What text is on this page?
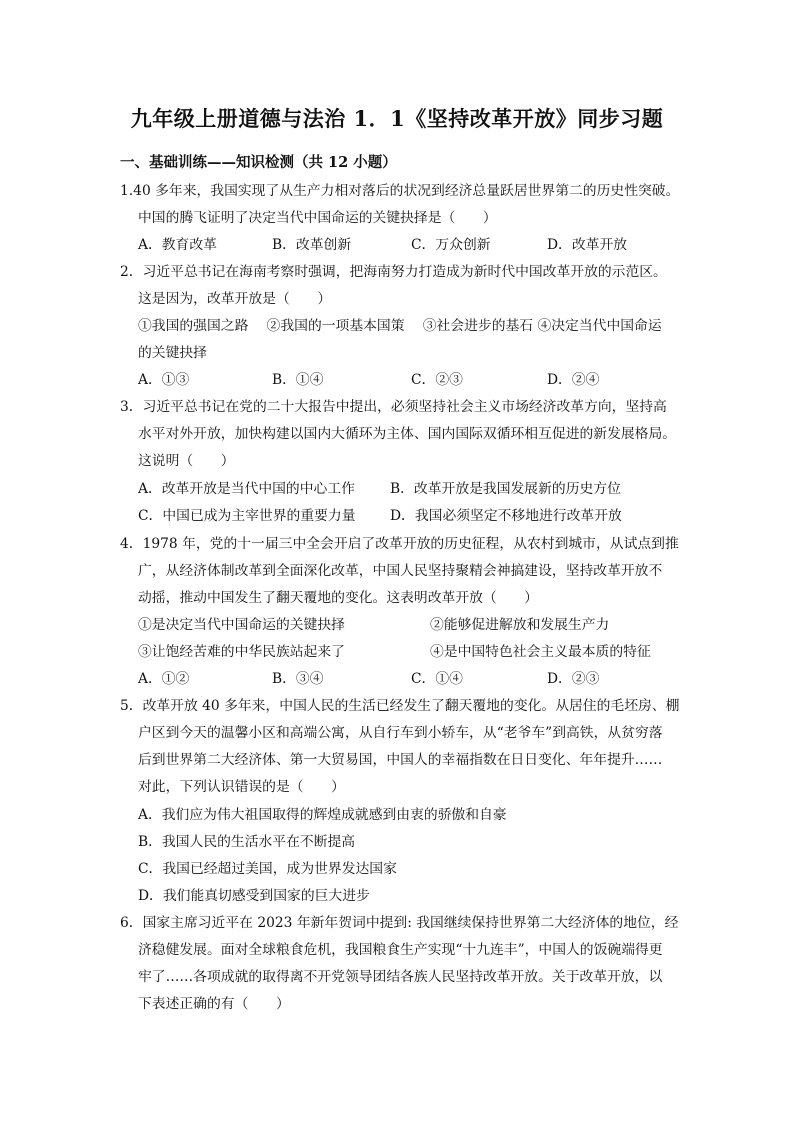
九年级上册道德与法治 1．1《坚持改革开放》同步习题
一、基础训练——知识检测（共 12 小题）
1.40 多年来，我国实现了从生产力相对落后的状况到经济总量跃居世界第二的历史性突破。
中国的腾飞证明了决定当代中国命运的关键抉择是（　　）
A．教育改革	B．改革创新	C．万众创新	D．改革开放
2．习近平总书记在海南考察时强调，把海南努力打造成为新时代中国改革开放的示范区。
这是因为，改革开放是（　　）
①我国的强国之路　 ②我国的一项基本国策　 ③社会进步的基石 ④决定当代中国命运
的关键抉择
A．①③	B．①④	C．②③	D．②④
3．习近平总书记在党的二十大报告中提出，必须坚持社会主义市场经济改革方向，坚持高
水平对外开放，加快构建以国内大循环为主体、国内国际双循环相互促进的新发展格局。
这说明（　　）
A．改革开放是当代中国的中心工作	B．改革开放是我国发展新的历史方位
C．中国已成为主宰世界的重要力量 D．我国必须坚定不移地进行改革开放
4．1978 年，党的十一届三中全会开启了改革开放的历史征程，从农村到城市，从试点到推
广，从经济体制改革到全面深化改革，中国人民坚持聚精会神搞建设，坚持改革开放不
动摇，推动中国发生了翻天覆地的变化。这表明改革开放（　　）
①是决定当代中国命运的关键抉择	②能够促进解放和发展生产力
③让饱经苦难的中华民族站起来了	④是中国特色社会主义最本质的特征
A．①②	B．③④	C．①④	D．②③
5．改革开放 40 多年来，中国人民的生活已经发生了翻天覆地的变化。从居住的毛坯房、棚
户区到今天的温馨小区和高端公寓，从自行车到小轿车，从“老爷车”到高铁，从贫穷落
后到世界第二大经济体、第一大贸易国，中国人的幸福指数在日日变化、年年提升……
对此，下列认识错误的是（　　）
A．我们应为伟大祖国取得的辉煌成就感到由衷的骄傲和自豪
B．我国人民的生活水平在不断提高
C．我国已经超过美国，成为世界发达国家
D．我们能真切感受到国家的巨大进步
6．国家主席习近平在 2023 年新年贺词中提到: 我国继续保持世界第二大经济体的地位，经
济稳健发展。面对全球粮食危机，我国粮食生产实现“十九连丰”，中国人的饭碗端得更
牢了……各项成就的取得离不开党领导团结各族人民坚持改革开放。关于改革开放，以
下表述正确的有（　　）
